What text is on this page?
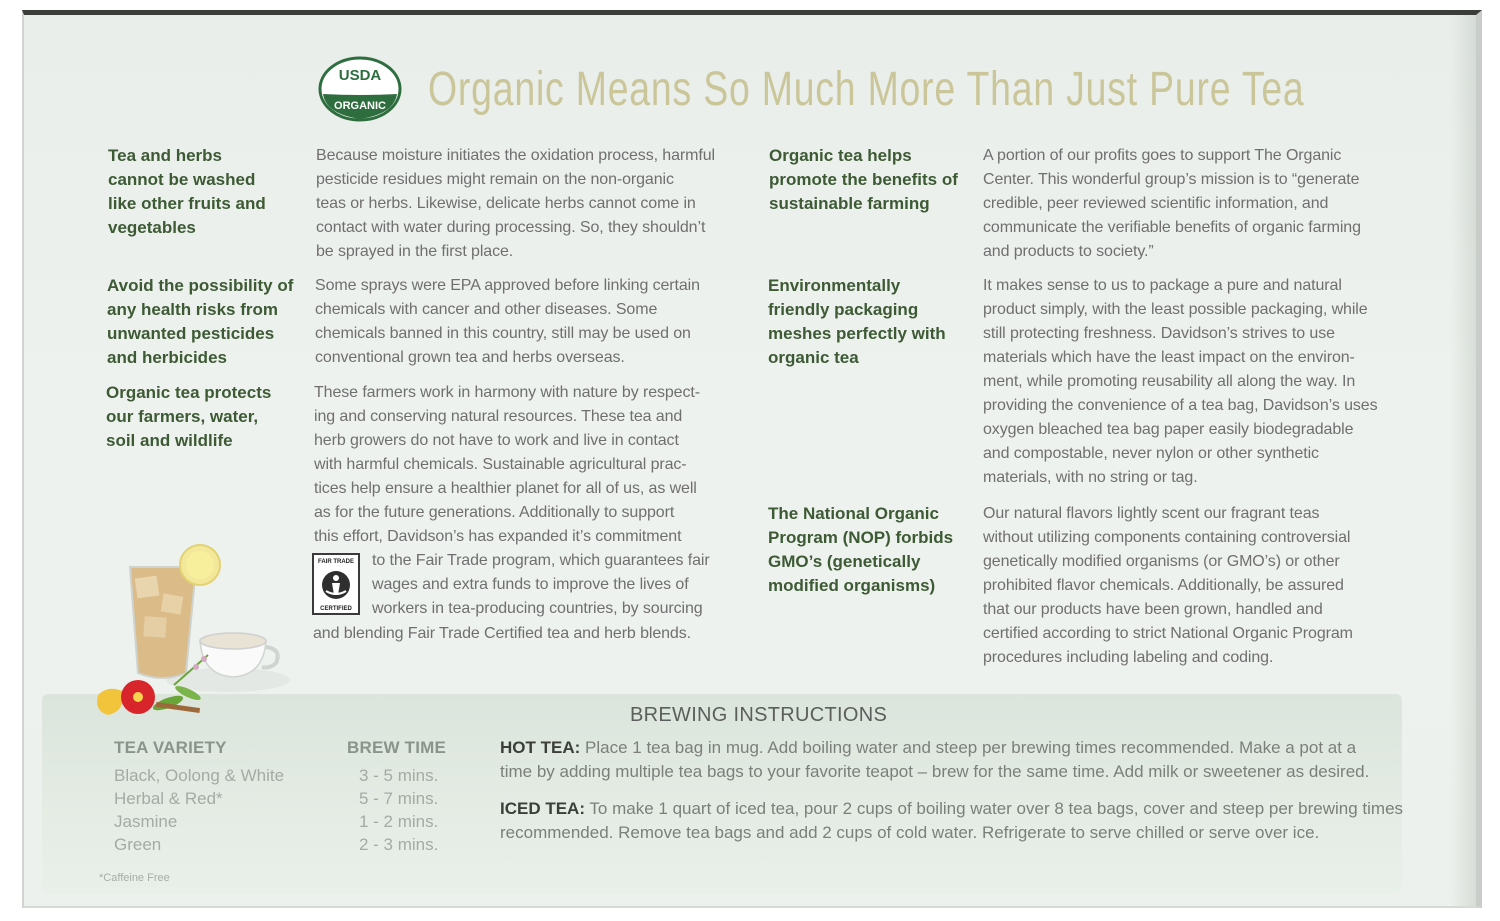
USDA
ORGANIC Organic Means So Much More Than Just Pure Tea
Tea and herbs
cannot be washed
like other fruits and
vegetables
Avoid the possibility of
any health risks from
unwanted pesticides
and herbicides
Organic tea protects
our farmers, water,
soil and wildlife
Because moisture initiates the oxidation process, harmful
pesticide residues might remain on the non-organic
teas or herbs. Likewise, delicate herbs cannot come in
contact with water during processing. So, they shouldn’t
be sprayed in the first place.
Some sprays were EPA approved before linking certain
chemicals with cancer and other diseases. Some
chemicals banned in this country, still may be used on
conventional grown tea and herbs overseas.
These farmers work in harmony with nature by respect-
ing and conserving natural resources. These tea and
herb growers do not have to work and live in contact
with harmful chemicals. Sustainable agricultural prac-
tices help ensure a healthier planet for all of us, as well
as for the future generations. Additionally to support
this effort, Davidson’s has expanded it’s commitment
to the Fair Trade program, which guarantees fair
wages and extra funds to improve the lives of
workers in tea-producing countries, by sourcing
and blending Fair Trade Certified tea and herb blends.
FAIR TRADE
CERTIFIED
Organic tea helps
promote the benefits of
sustainable farming
Environmentally
friendly packaging
meshes perfectly with
organic tea
The National Organic
Program (NOP) forbids
GMO’s (genetically
modified organisms)
A portion of our profits goes to support The Organic
Center. This wonderful group’s mission is to “generate
credible, peer reviewed scientific information, and
communicate the verifiable benefits of organic farming
and products to society.”
It makes sense to us to package a pure and natural
product simply, with the least possible packaging, while
still protecting freshness. Davidson’s strives to use
materials which have the least impact on the environ-
ment, while promoting reusability all along the way. In
providing the convenience of a tea bag, Davidson’s uses
oxygen bleached tea bag paper easily biodegradable
and compostable, never nylon or other synthetic
materials, with no string or tag.
Our natural flavors lightly scent our fragrant teas
without utilizing components containing controversial
genetically modified organisms (or GMO’s) or other
prohibited flavor chemicals. Additionally, be assured
that our products have been grown, handled and
certified according to strict National Organic Program
procedures including labeling and coding.
BREWING INSTRUCTIONS
TEA VARIETY	BREW TIME
Black, Oolong & White
Herbal & Red*
Jasmine
Green
3 - 5 mins.
5 - 7 mins.
1 - 2 mins.
2 - 3 mins.
*Caffeine Free
HOT TEA: Place 1 tea bag in mug. Add boiling water and steep per brewing times recommended. Make a pot at a
time by adding multiple tea bags to your favorite teapot – brew for the same time. Add milk or sweetener as desired.
ICED TEA: To make 1 quart of iced tea, pour 2 cups of boiling water over 8 tea bags, cover and steep per brewing times
recommended. Remove tea bags and add 2 cups of cold water. Refrigerate to serve chilled or serve over ice.
